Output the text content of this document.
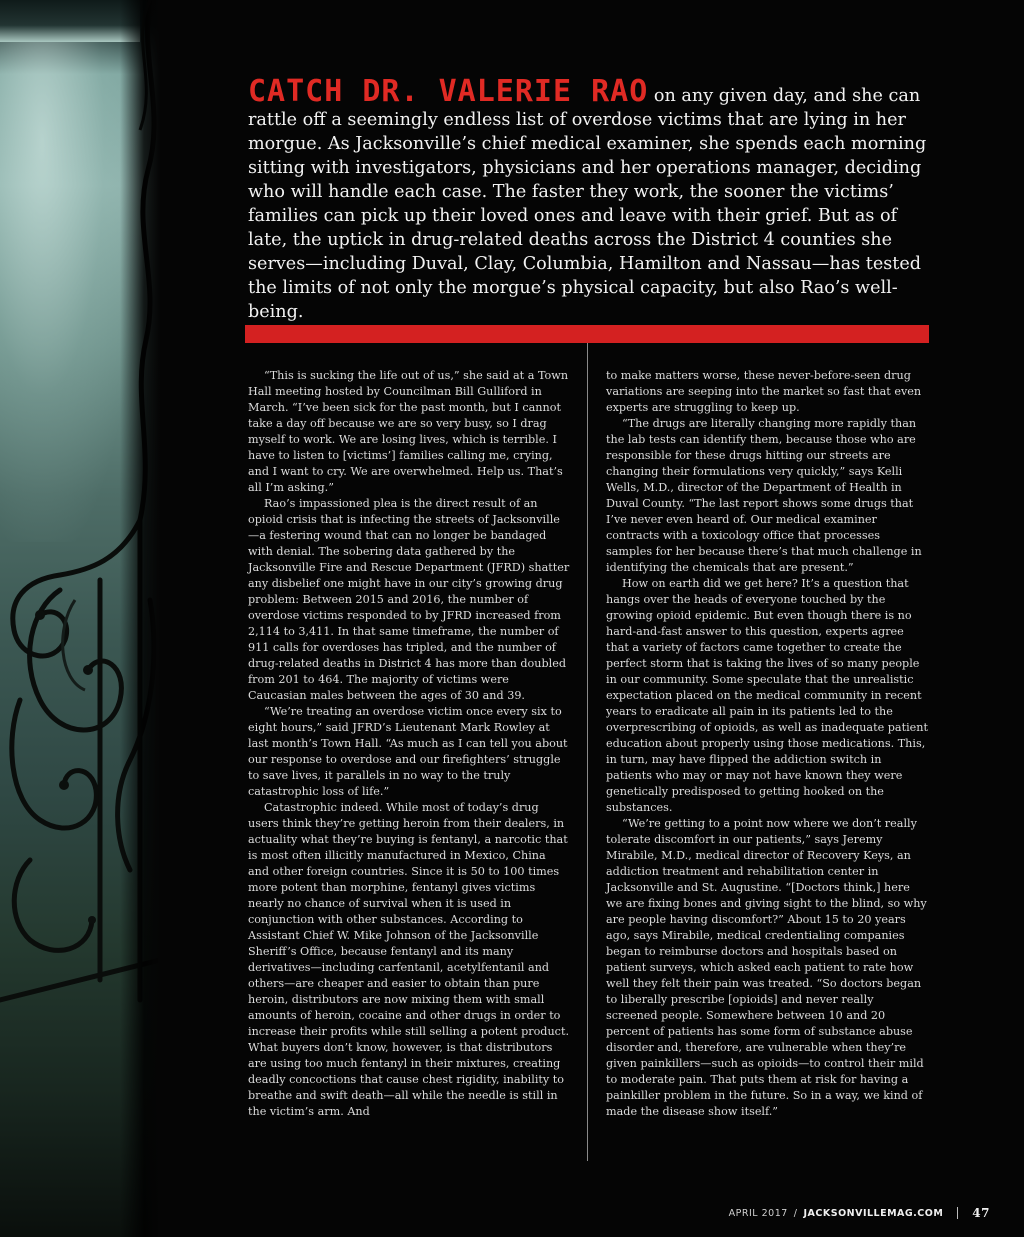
CATCH DR. VALERIE RAO on any given day, and she can rattle off a seemingly endless list of overdose victims that are lying in her morgue. As Jacksonville’s chief medical examiner, she spends each morning sitting with investigators, physicians and her operations manager, deciding who will handle each case. The faster they work, the sooner the victims’ families can pick up their loved ones and leave with their grief. But as of late, the uptick in drug-related deaths across the District 4 counties she serves—including Duval, Clay, Columbia, Hamilton and Nassau—has tested the limits of not only the morgue’s physical capacity, but also Rao’s well-being.

“This is sucking the life out of us,” she said at a Town Hall meeting hosted by Councilman Bill Gulliford in March. “I’ve been sick for the past month, but I cannot take a day off because we are so very busy, so I drag myself to work. We are losing lives, which is terrible. I have to listen to [victims’] families calling me, crying, and I want to cry. We are overwhelmed. Help us. That’s all I’m asking.”

Rao’s impassioned plea is the direct result of an opioid crisis that is infecting the streets of Jacksonville—a festering wound that can no longer be bandaged with denial. The sobering data gathered by the Jacksonville Fire and Rescue Department (JFRD) shatter any disbelief one might have in our city’s growing drug problem: Between 2015 and 2016, the number of overdose victims responded to by JFRD increased from 2,114 to 3,411. In that same timeframe, the number of 911 calls for overdoses has tripled, and the number of drug-related deaths in District 4 has more than doubled from 201 to 464. The majority of victims were Caucasian males between the ages of 30 and 39.

“We’re treating an overdose victim once every six to eight hours,” said JFRD’s Lieutenant Mark Rowley at last month’s Town Hall. “As much as I can tell you about our response to overdose and our firefighters’ struggle to save lives, it parallels in no way to the truly catastrophic loss of life.”

Catastrophic indeed. While most of today’s drug users think they’re getting heroin from their dealers, in actuality what they’re buying is fentanyl, a narcotic that is most often illicitly manufactured in Mexico, China and other foreign countries. Since it is 50 to 100 times more potent than morphine, fentanyl gives victims nearly no chance of survival when it is used in conjunction with other substances. According to Assistant Chief W. Mike Johnson of the Jacksonville Sheriff’s Office, because fentanyl and its many derivatives—including carfentanil, acetylfentanil and others—are cheaper and easier to obtain than pure heroin, distributors are now mixing them with small amounts of heroin, cocaine and other drugs in order to increase their profits while still selling a potent product. What buyers don’t know, however, is that distributors are using too much fentanyl in their mixtures, creating deadly concoctions that cause chest rigidity, inability to breathe and swift death—all while the needle is still in the victim’s arm. And

to make matters worse, these never-before-seen drug variations are seeping into the market so fast that even experts are struggling to keep up.

“The drugs are literally changing more rapidly than the lab tests can identify them, because those who are responsible for these drugs hitting our streets are changing their formulations very quickly,” says Kelli Wells, M.D., director of the Department of Health in Duval County. “The last report shows some drugs that I’ve never even heard of. Our medical examiner contracts with a toxicology office that processes samples for her because there’s that much challenge in identifying the chemicals that are present.”

How on earth did we get here? It’s a question that hangs over the heads of everyone touched by the growing opioid epidemic. But even though there is no hard-and-fast answer to this question, experts agree that a variety of factors came together to create the perfect storm that is taking the lives of so many people in our community. Some speculate that the unrealistic expectation placed on the medical community in recent years to eradicate all pain in its patients led to the overprescribing of opioids, as well as inadequate patient education about properly using those medications. This, in turn, may have flipped the addiction switch in patients who may or may not have known they were genetically predisposed to getting hooked on the substances.

“We’re getting to a point now where we don’t really tolerate discomfort in our patients,” says Jeremy Mirabile, M.D., medical director of Recovery Keys, an addiction treatment and rehabilitation center in Jacksonville and St. Augustine. “[Doctors think,] here we are fixing bones and giving sight to the blind, so why are people having discomfort?” About 15 to 20 years ago, says Mirabile, medical credentialing companies began to reimburse doctors and hospitals based on patient surveys, which asked each patient to rate how well they felt their pain was treated. “So doctors began to liberally prescribe [opioids] and never really screened people. Somewhere between 10 and 20 percent of patients has some form of substance abuse disorder and, therefore, are vulnerable when they’re given painkillers—such as opioids—to control their mild to moderate pain. That puts them at risk for having a painkiller problem in the future. So in a way, we kind of made the disease show itself.”

APRIL 2017 / JACKSONVILLEMAG.COM 47
